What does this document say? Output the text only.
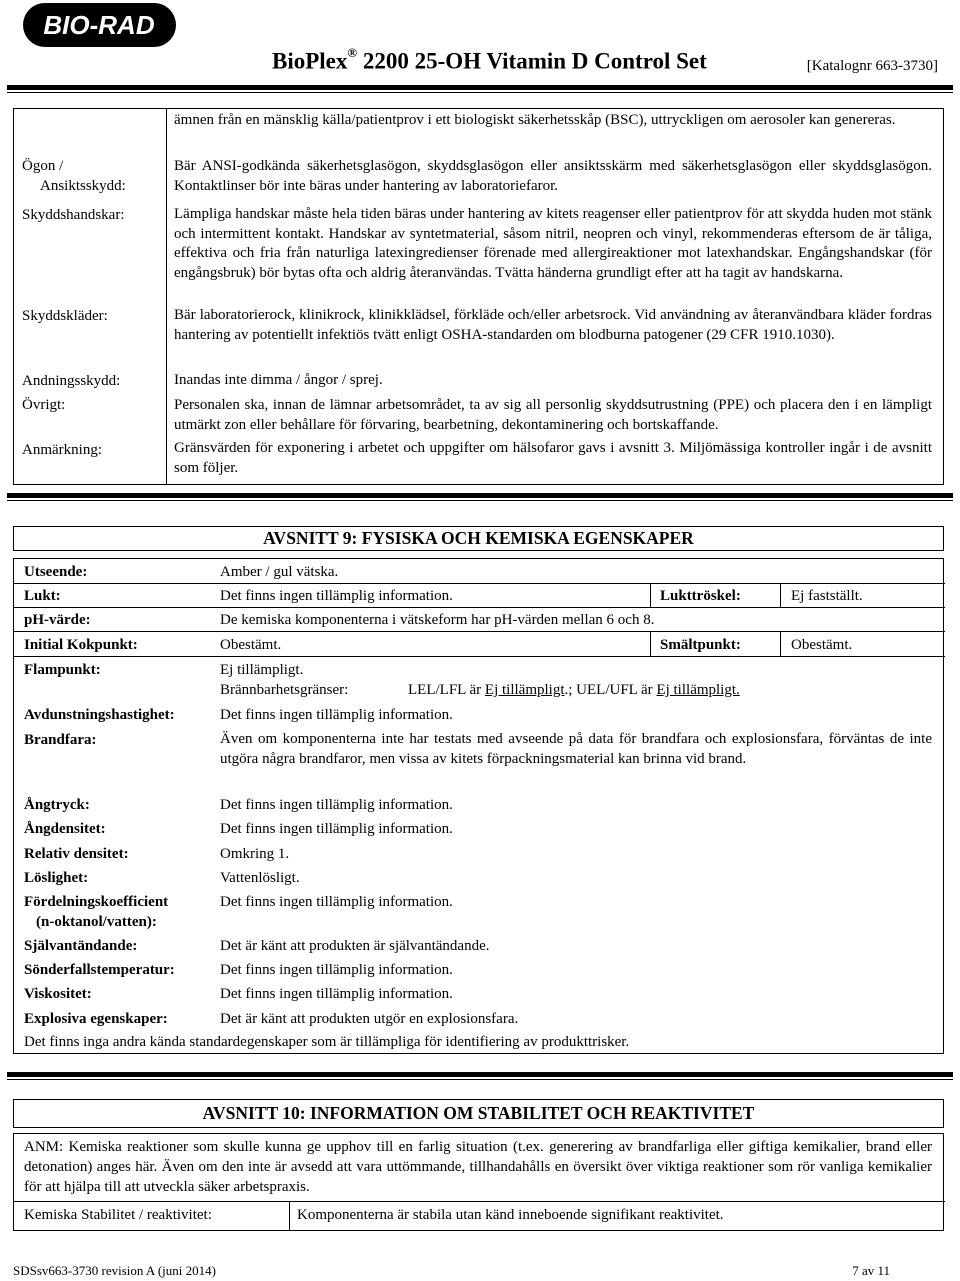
BIO-RAD
BioPlex® 2200 25-OH Vitamin D Control Set	[Katalognr 663-3730]
ämnen från en mänsklig källa/patientprov i ett biologiskt säkerhetsskåp (BSC), uttryckligen om aerosoler kan genereras.
Ögon /
Ansiktsskydd:
Bär ANSI-godkända säkerhetsglasögon, skyddsglasögon eller ansiktsskärm med säkerhetsglasögon eller skyddsglasögon. Kontaktlinser bör inte bäras under hantering av laboratoriefaror.
Skyddshandskar:	Lämpliga handskar måste hela tiden bäras under hantering av kitets reagenser eller patientprov för att skydda huden mot stänk och intermittent kontakt. Handskar av syntetmaterial, såsom nitril, neopren och vinyl, rekommenderas eftersom de är tåliga, effektiva och fria från naturliga latexingredienser förenade med allergireaktioner mot latexhandskar. Engångshandskar (för engångsbruk) bör bytas ofta och aldrig återanvändas. Tvätta händerna grundligt efter att ha tagit av handskarna.
Skyddskläder:	Bär laboratorierock, klinikrock, klinikklädsel, förkläde och/eller arbetsrock. Vid användning av återanvändbara kläder fordras hantering av potentiellt infektiös tvätt enligt OSHA-standarden om blodburna patogener (29 CFR 1910.1030).
Andningsskydd:	Inandas inte dimma / ångor / sprej.
Övrigt:	Personalen ska, innan de lämnar arbetsområdet, ta av sig all personlig skyddsutrustning (PPE) och placera den i en lämpligt utmärkt zon eller behållare för förvaring, bearbetning, dekontaminering och bortskaffande.
Anmärkning:	Gränsvärden för exponering i arbetet och uppgifter om hälsofaror gavs i avsnitt 3. Miljömässiga kontroller ingår i de avsnitt som följer.
AVSNITT 9: FYSISKA OCH KEMISKA EGENSKAPER
Utseende:	Amber / gul vätska.
Lukt:	Det finns ingen tillämplig information.	Lukttröskel:	Ej fastställt.
pH-värde:	De kemiska komponenterna i vätskeform har pH-värden mellan 6 och 8.
Initial Kokpunkt:	Obestämt.	Smältpunkt:	Obestämt.
Flampunkt:	Ej tillämpligt.
Brännbarhetsgränser:	LEL/LFL är Ej tillämpligt.; UEL/UFL är Ej tillämpligt.
Avdunstningshastighet:	Det finns ingen tillämplig information.
Brandfara:	Även om komponenterna inte har testats med avseende på data för brandfara och explosionsfara, förväntas de inte utgöra några brandfaror, men vissa av kitets förpackningsmaterial kan brinna vid brand.
Ångtryck:	Det finns ingen tillämplig information.
Ångdensitet:	Det finns ingen tillämplig information.
Relativ densitet:	Omkring 1.
Löslighet:	Vattenlösligt.
Fördelningskoefficient
(n-oktanol/vatten):
Det finns ingen tillämplig information.
Självantändande:	Det är känt att produkten är självantändande.
Sönderfallstemperatur:	Det finns ingen tillämplig information.
Viskositet:	Det finns ingen tillämplig information.
Explosiva egenskaper:	Det är känt att produkten utgör en explosionsfara.
Det finns inga andra kända standardegenskaper som är tillämpliga för identifiering av produkttrisker.
AVSNITT 10: INFORMATION OM STABILITET OCH REAKTIVITET
ANM: Kemiska reaktioner som skulle kunna ge upphov till en farlig situation (t.ex. generering av brandfarliga eller giftiga kemikalier, brand eller detonation) anges här. Även om den inte är avsedd att vara uttömmande, tillhandahålls en översikt över viktiga reaktioner som rör vanliga kemikalier för att hjälpa till att utveckla säker arbetspraxis.
Kemiska Stabilitet / reaktivitet:	Komponenterna är stabila utan känd inneboende signifikant reaktivitet.
SDSsv663-3730 revision A (juni 2014)	7 av 11
